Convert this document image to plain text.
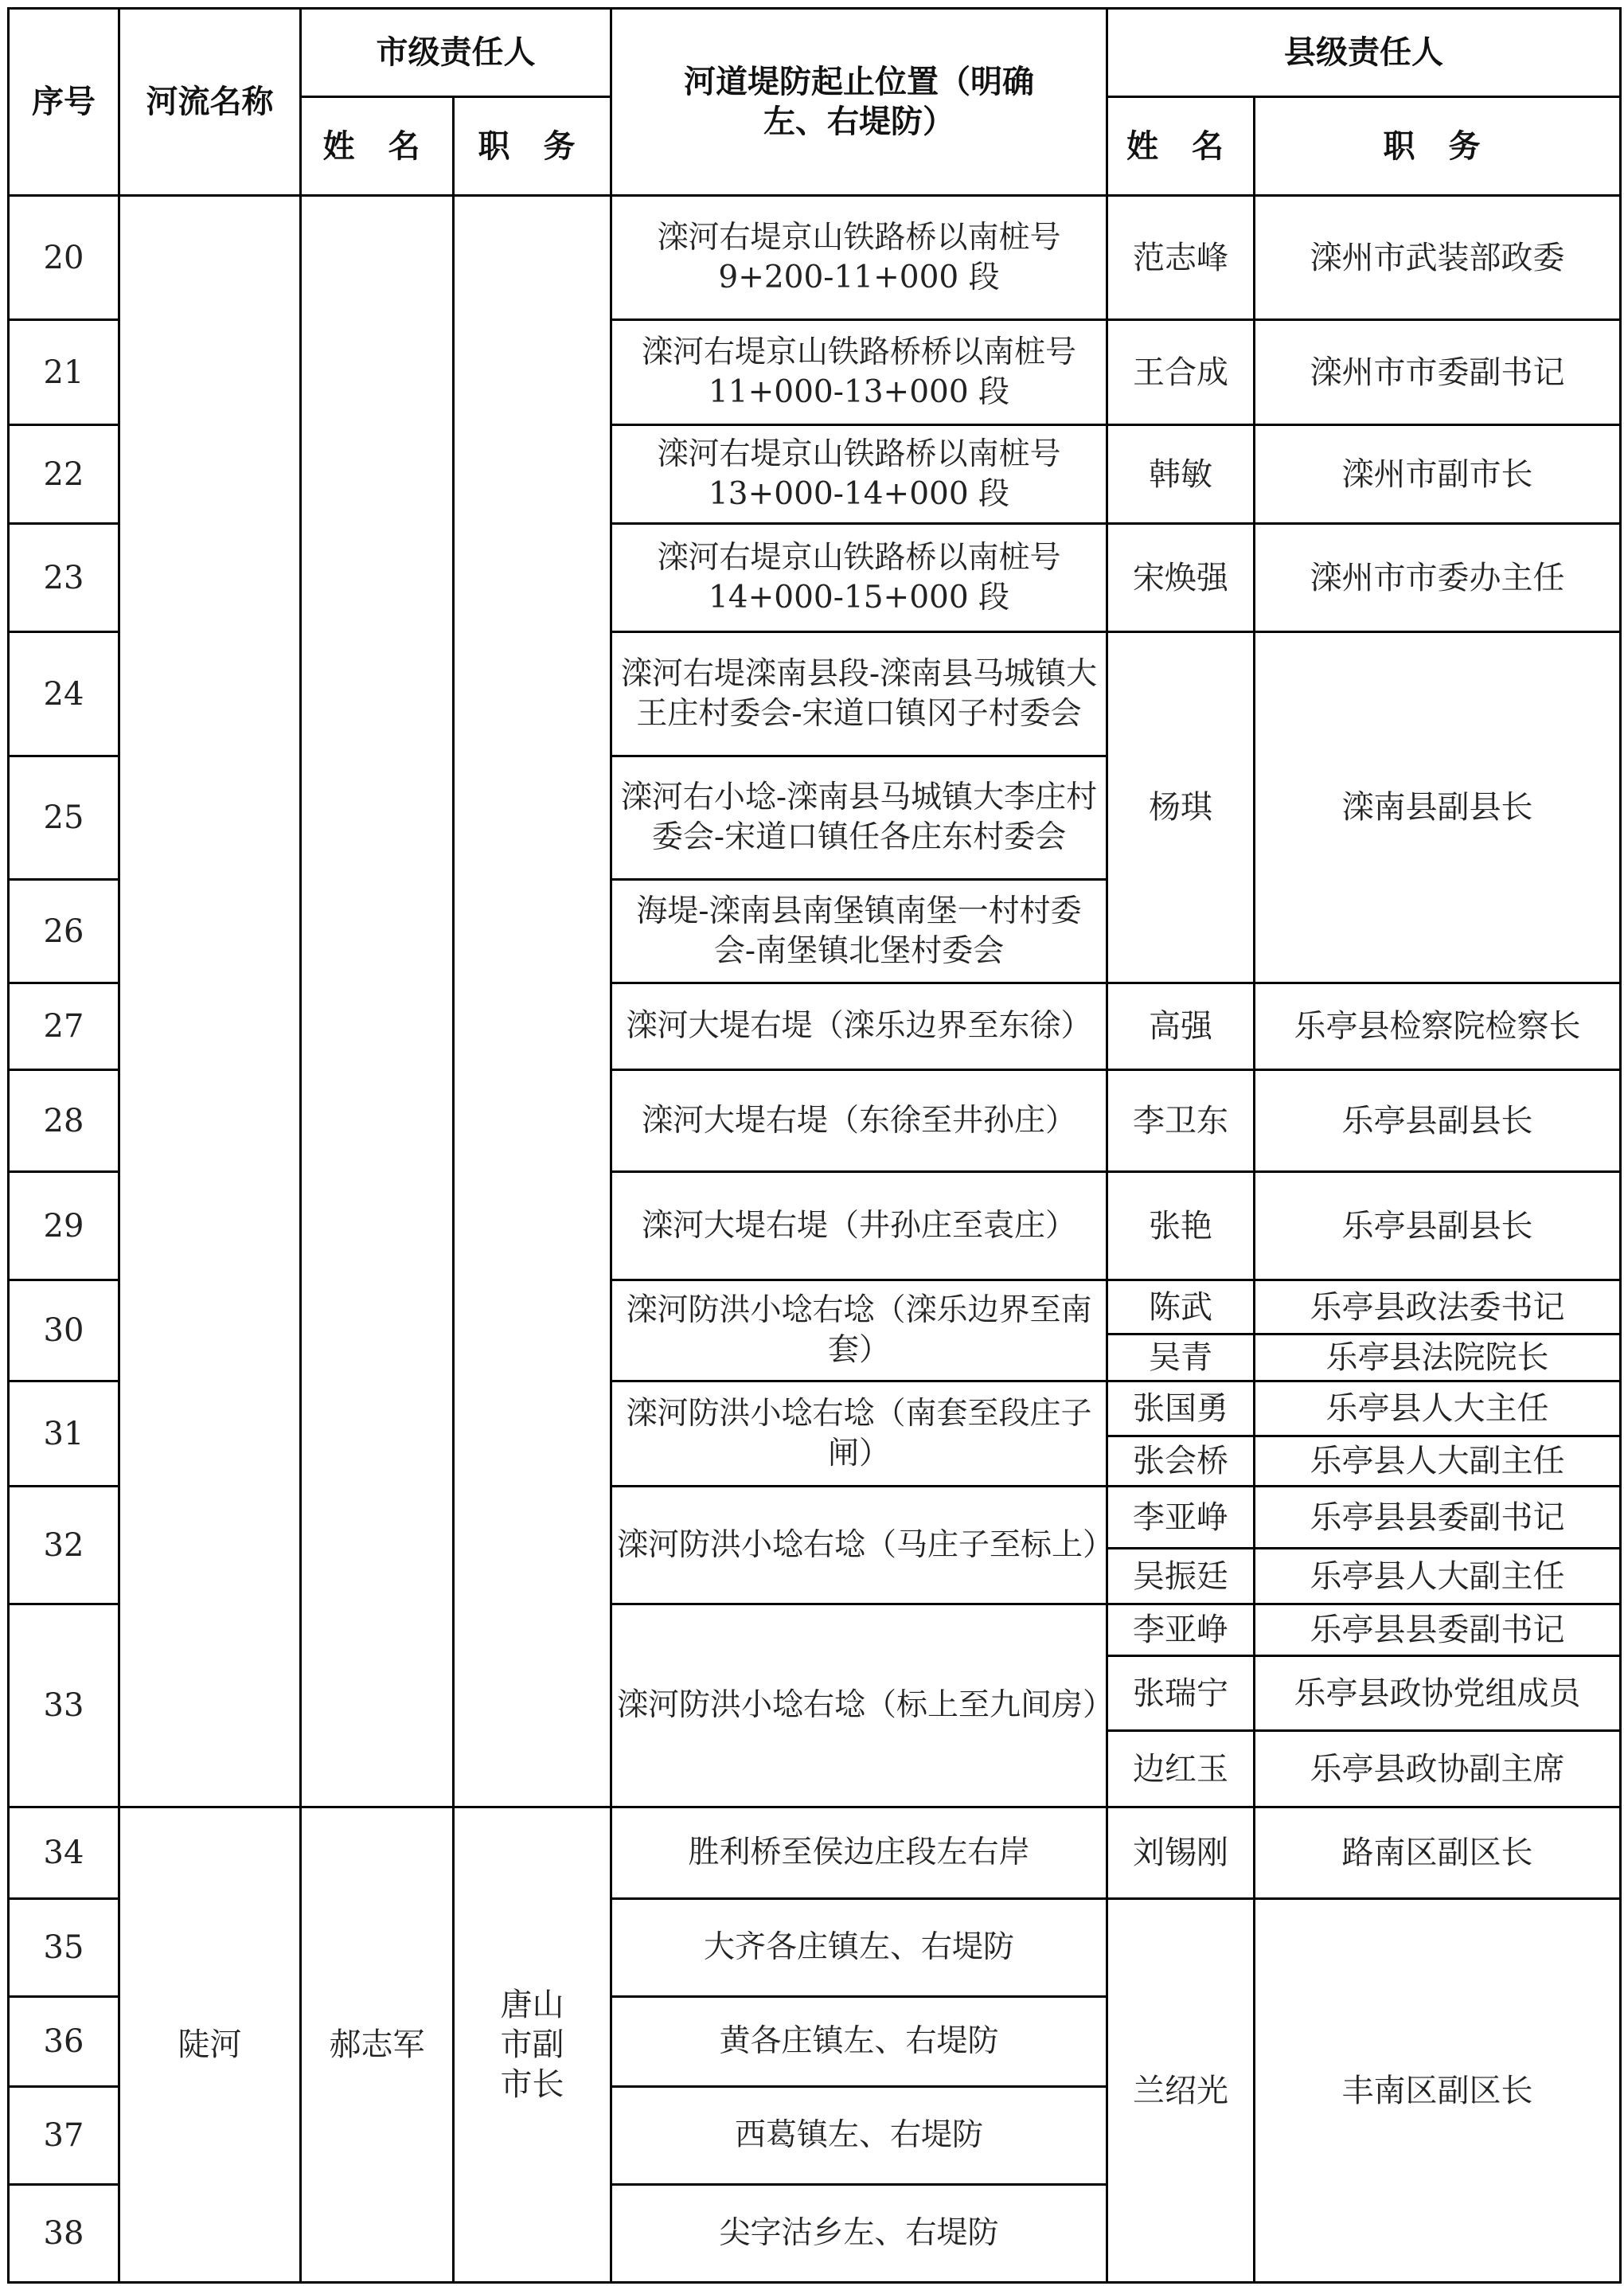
序号	河流名称	市级责任人		河道堤防起止位置（明确左、右堤防）	县级责任人	
		姓 名	职 务		姓 名	职 务
20				滦河右堤京山铁路桥以南桩号 9+200-11+000 段	范志峰	滦州市武装部政委
21				滦河右堤京山铁路桥桥以南桩号 11+000-13+000 段	王合成	滦州市市委副书记
22				滦河右堤京山铁路桥以南桩号 13+000-14+000 段	韩敏	滦州市副市长
23				滦河右堤京山铁路桥以南桩号 14+000-15+000 段	宋焕强	滦州市市委办主任
24				滦河右堤滦南县段-滦南县马城镇大王庄村委会-宋道口镇冈子村委会	杨琪	滦南县副县长
25				滦河右小埝-滦南县马城镇大李庄村委会-宋道口镇任各庄东村委会		
26				海堤-滦南县南堡镇南堡一村村委会-南堡镇北堡村委会		
27				滦河大堤右堤（滦乐边界至东徐）	高强	乐亭县检察院检察长
28				滦河大堤右堤（东徐至井孙庄）	李卫东	乐亭县副县长
29				滦河大堤右堤（井孙庄至袁庄）	张艳	乐亭县副县长
30				滦河防洪小埝右埝（滦乐边界至南套）	陈武	乐亭县政法委书记
					吴青	乐亭县法院院长
31				滦河防洪小埝右埝（南套至段庄子闸）	张国勇	乐亭县人大主任
					张会桥	乐亭县人大副主任
32				滦河防洪小埝右埝（马庄子至标上）	李亚峥	乐亭县县委副书记
					吴振廷	乐亭县人大副主任
33				滦河防洪小埝右埝（标上至九间房）	李亚峥	乐亭县县委副书记
					张瑞宁	乐亭县政协党组成员
					边红玉	乐亭县政协副主席
34	陡河	郝志军	唐山市副市长	胜利桥至侯边庄段左右岸	刘锡刚	路南区副区长
35				大齐各庄镇左、右堤防	兰绍光	丰南区副区长
36				黄各庄镇左、右堤防		
37				西葛镇左、右堤防		
38				尖字沽乡左、右堤防		
